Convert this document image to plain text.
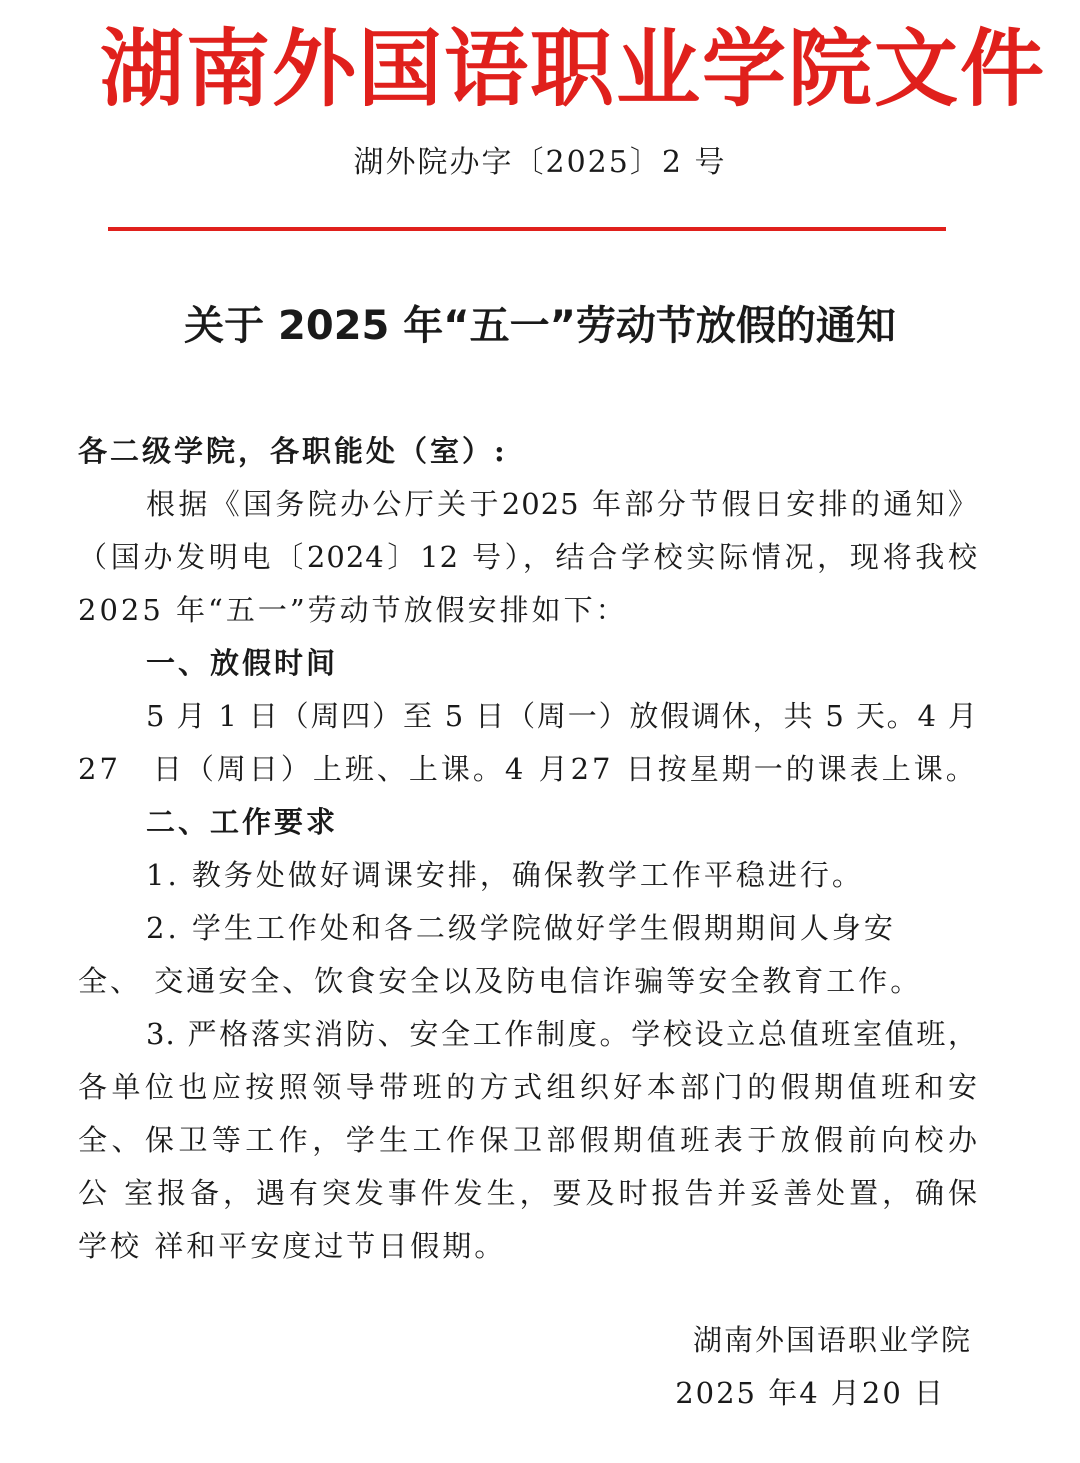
湖南外国语职业学院文件
湖外院办字〔2025〕2 号
关于 2025 年“五一”劳动节放假的通知
各二级学院，各职能处（室）:
根据《国务院办公厅关于2025 年部分节假日安排的通知》
（国办发明电〔2024〕12 号），结合学校实际情况，现将我校
2025 年“五一”劳动节放假安排如下：
一、放假时间
5 月 1 日（周四）至 5 日（周一）放假调休，共 5 天。4 月
27　日（周日）上班、上课。4 月27 日按星期一的课表上课。
二、工作要求
1. 教务处做好调课安排，确保教学工作平稳进行。
2. 学生工作处和各二级学院做好学生假期期间人身安
全、 交通安全、饮食安全以及防电信诈骗等安全教育工作。
3. 严格落实消防、安全工作制度。学校设立总值班室值班，
各单位也应按照领导带班的方式组织好本部门的假期值班和安
全、保卫等工作，学生工作保卫部假期值班表于放假前向校办
公 室报备，遇有突发事件发生，要及时报告并妥善处置，确保
学校 祥和平安度过节日假期。
湖南外国语职业学院
2025 年4 月20 日
